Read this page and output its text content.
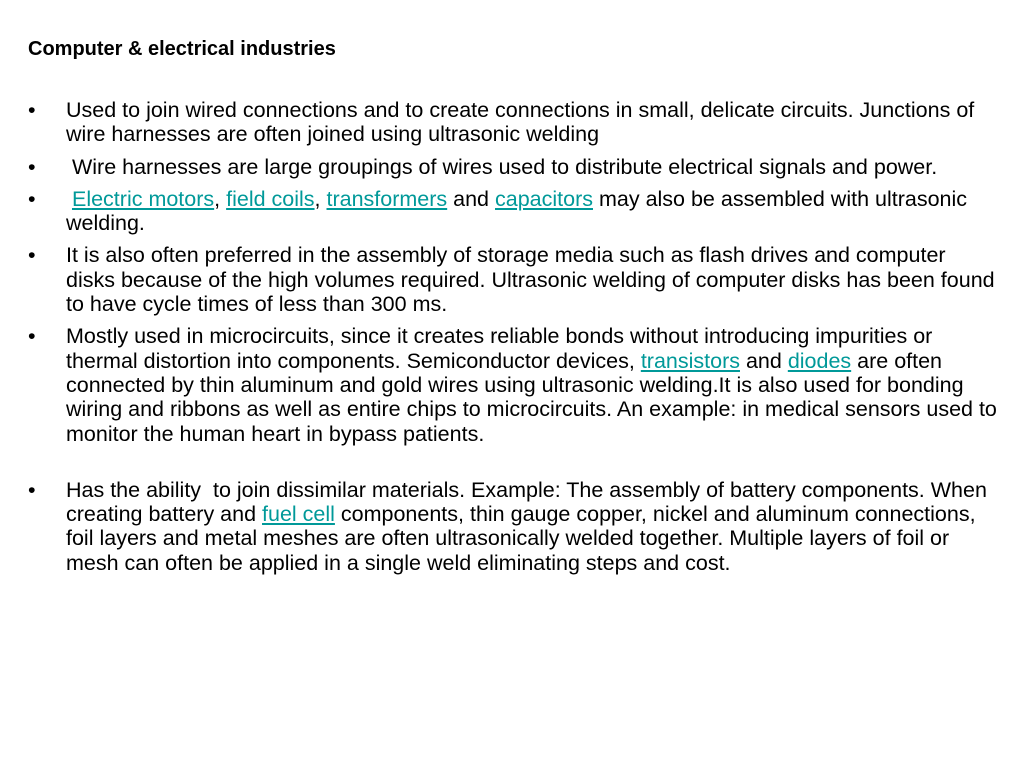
Computer & electrical industries
• Used to join wired connections and to create connections in small, delicate circuits. Junctions of wire harnesses are often joined using ultrasonic welding
• Wire harnesses are large groupings of wires used to distribute electrical signals and power.
• Electric motors, field coils, transformers and capacitors may also be assembled with ultrasonic welding.
• It is also often preferred in the assembly of storage media such as flash drives and computer disks because of the high volumes required. Ultrasonic welding of computer disks has been found to have cycle times of less than 300 ms.
• Mostly used in microcircuits, since it creates reliable bonds without introducing impurities or thermal distortion into components. Semiconductor devices, transistors and diodes are often connected by thin aluminum and gold wires using ultrasonic welding.It is also used for bonding wiring and ribbons as well as entire chips to microcircuits. An example: in medical sensors used to monitor the human heart in bypass patients.
• Has the ability  to join dissimilar materials. Example: The assembly of battery components. When creating battery and fuel cell components, thin gauge copper, nickel and aluminum connections, foil layers and metal meshes are often ultrasonically welded together. Multiple layers of foil or mesh can often be applied in a single weld eliminating steps and cost.
